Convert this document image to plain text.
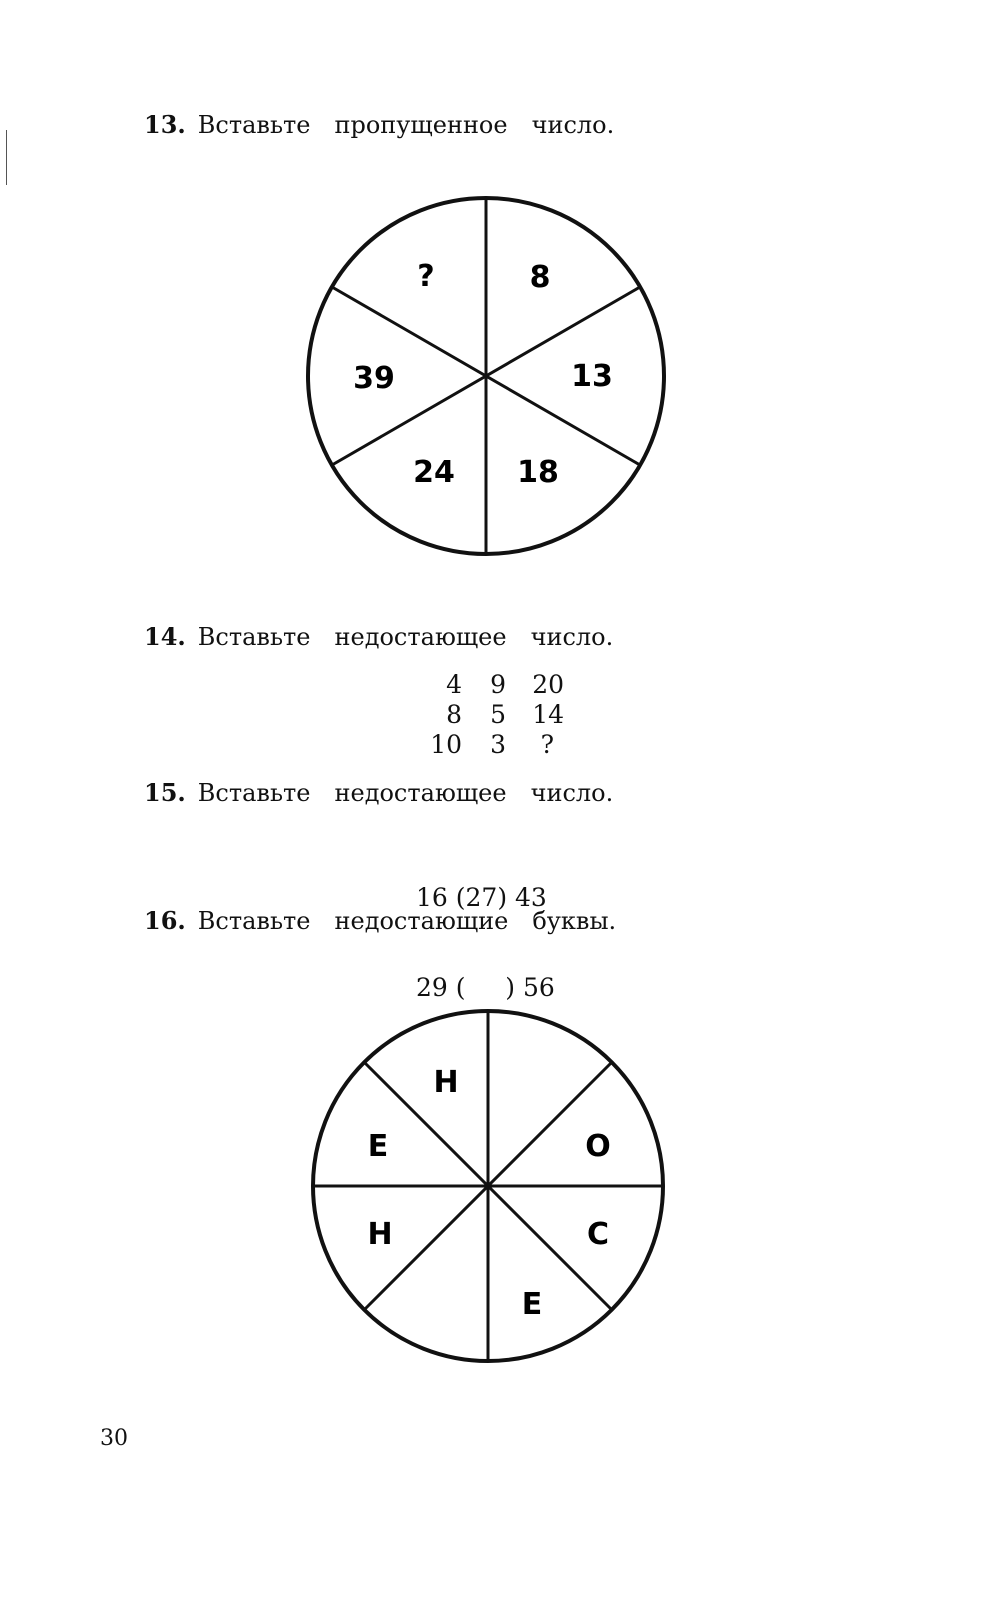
13. Вставьте пропущенное число.
8
13
18
24
39
?
14. Вставьте недостающее число.
4	9	20
8	5	14
10	3	?
15. Вставьте недостающее число.

16 (27) 43

29 (     ) 56

16. Вставьте недостающие буквы.
О
С
Е
Н
Е
Н
30
